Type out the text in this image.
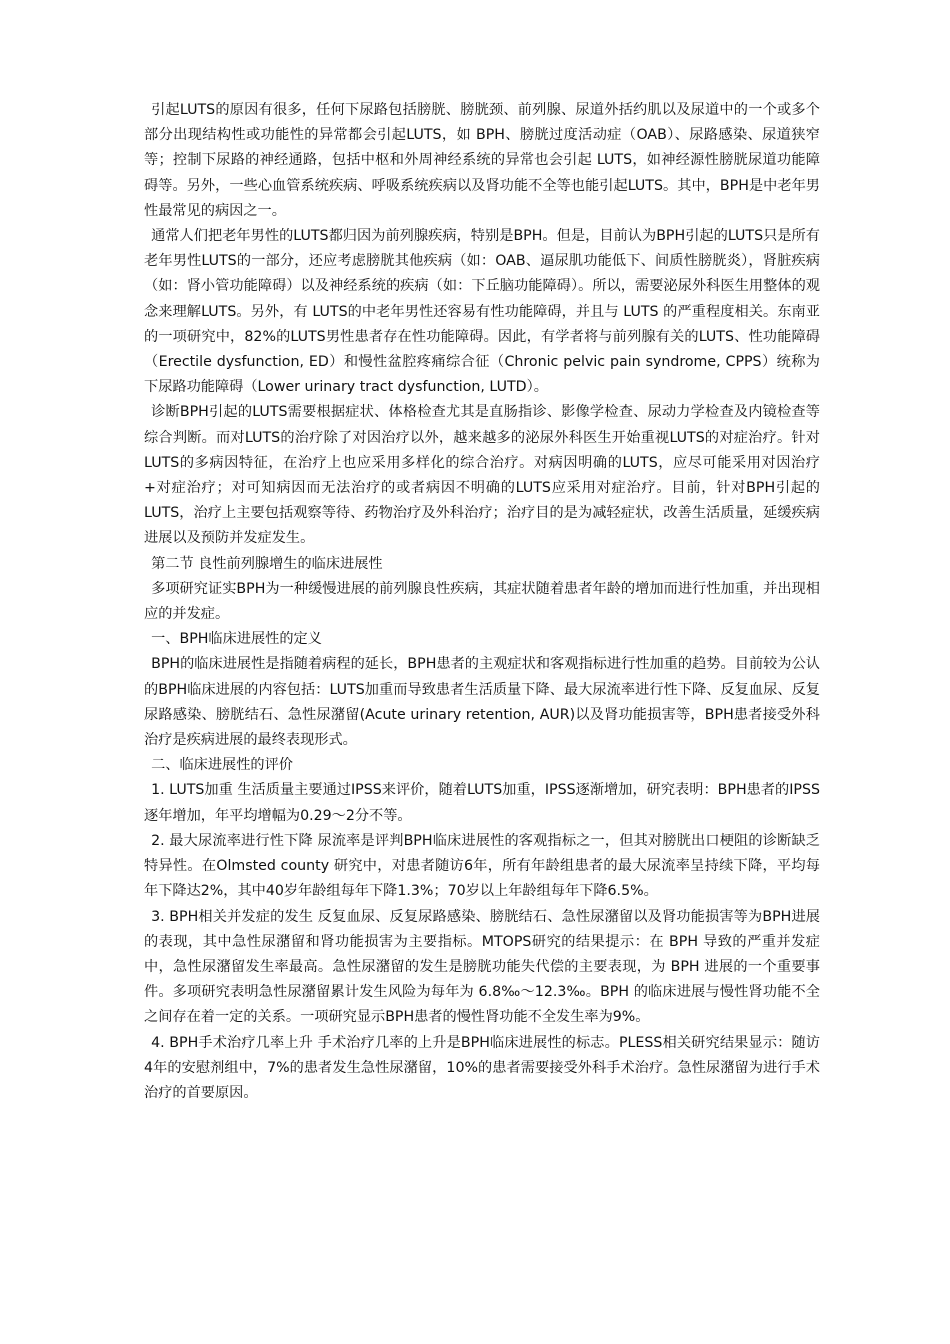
引起LUTS的原因有很多，任何下尿路包括膀胱、膀胱颈、前列腺、尿道外括约肌以及尿道中的一个或多个部分出现结构性或功能性的异常都会引起LUTS，如 BPH、膀胱过度活动症（OAB）、尿路感染、尿道狭窄等；控制下尿路的神经通路，包括中枢和外周神经系统的异常也会引起 LUTS，如神经源性膀胱尿道功能障碍等。另外，一些心血管系统疾病、呼吸系统疾病以及肾功能不全等也能引起LUTS。其中，BPH是中老年男性最常见的病因之一。

通常人们把老年男性的LUTS都归因为前列腺疾病，特别是BPH。但是，目前认为BPH引起的LUTS只是所有老年男性LUTS的一部分，还应考虑膀胱其他疾病（如：OAB、逼尿肌功能低下、间质性膀胱炎），肾脏疾病（如：肾小管功能障碍）以及神经系统的疾病（如：下丘脑功能障碍）。所以，需要泌尿外科医生用整体的观念来理解LUTS。另外，有 LUTS的中老年男性还容易有性功能障碍，并且与 LUTS 的严重程度相关。东南亚的一项研究中，82%的LUTS男性患者存在性功能障碍。因此，有学者将与前列腺有关的LUTS、性功能障碍（Erectile dysfunction, ED）和慢性盆腔疼痛综合征（Chronic pelvic pain syndrome, CPPS）统称为下尿路功能障碍（Lower urinary tract dysfunction, LUTD）。

诊断BPH引起的LUTS需要根据症状、体格检查尤其是直肠指诊、影像学检查、尿动力学检查及内镜检查等综合判断。而对LUTS的治疗除了对因治疗以外，越来越多的泌尿外科医生开始重视LUTS的对症治疗。针对LUTS的多病因特征，在治疗上也应采用多样化的综合治疗。对病因明确的LUTS，应尽可能采用对因治疗+对症治疗；对可知病因而无法治疗的或者病因不明确的LUTS应采用对症治疗。目前，针对BPH引起的LUTS，治疗上主要包括观察等待、药物治疗及外科治疗；治疗目的是为减轻症状，改善生活质量，延缓疾病进展以及预防并发症发生。

第二节 良性前列腺增生的临床进展性

多项研究证实BPH为一种缓慢进展的前列腺良性疾病，其症状随着患者年龄的增加而进行性加重，并出现相应的并发症。

一、BPH临床进展性的定义

BPH的临床进展性是指随着病程的延长，BPH患者的主观症状和客观指标进行性加重的趋势。目前较为公认的BPH临床进展的内容包括：LUTS加重而导致患者生活质量下降、最大尿流率进行性下降、反复血尿、反复尿路感染、膀胱结石、急性尿潴留(Acute urinary retention, AUR)以及肾功能损害等，BPH患者接受外科治疗是疾病进展的最终表现形式。

二、临床进展性的评价

1. LUTS加重 生活质量主要通过IPSS来评价，随着LUTS加重，IPSS逐渐增加，研究表明：BPH患者的IPSS逐年增加，年平均增幅为0.29～2分不等。

2. 最大尿流率进行性下降 尿流率是评判BPH临床进展性的客观指标之一，但其对膀胱出口梗阻的诊断缺乏特异性。在Olmsted county 研究中，对患者随访6年，所有年龄组患者的最大尿流率呈持续下降，平均每年下降达2%，其中40岁年龄组每年下降1.3%；70岁以上年龄组每年下降6.5%。

3. BPH相关并发症的发生 反复血尿、反复尿路感染、膀胱结石、急性尿潴留以及肾功能损害等为BPH进展的表现，其中急性尿潴留和肾功能损害为主要指标。MTOPS研究的结果提示：在 BPH 导致的严重并发症中，急性尿潴留发生率最高。急性尿潴留的发生是膀胱功能失代偿的主要表现，为 BPH 进展的一个重要事件。多项研究表明急性尿潴留累计发生风险为每年为 6.8‰～12.3‰。BPH 的临床进展与慢性肾功能不全之间存在着一定的关系。一项研究显示BPH患者的慢性肾功能不全发生率为9%。

4. BPH手术治疗几率上升 手术治疗几率的上升是BPH临床进展性的标志。PLESS相关研究结果显示：随访4年的安慰剂组中，7%的患者发生急性尿潴留，10%的患者需要接受外科手术治疗。急性尿潴留为进行手术治疗的首要原因。
